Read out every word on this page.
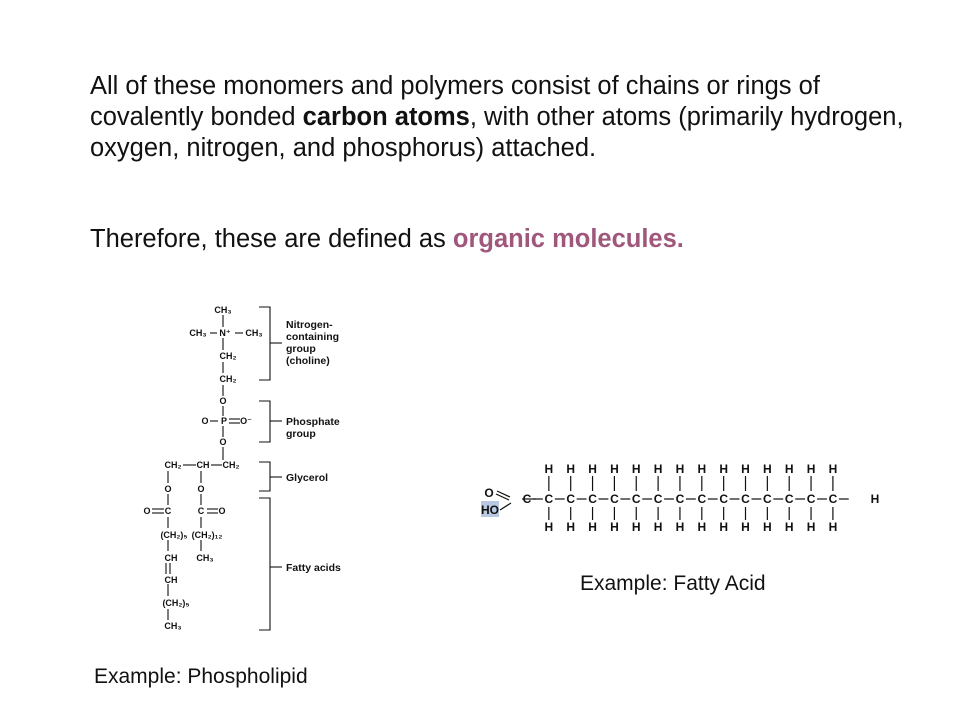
All of these monomers and polymers consist of chains or rings of covalently bonded carbon atoms, with other atoms (primarily hydrogen, oxygen, nitrogen, and phosphorus) attached.

Therefore, these are defined as organic molecules.

CH₃
CH₃ N⁺ CH₃
CH₂
CH₂
O
O P O⁻
O
CH₂ CH CH₂
O	O
O C	C O
(CH₂)₅ (CH₂)₁₂
CH CH₃
CH
(CH₂)₅
CH₃
Nitrogen-
containing
group
(choline)
Phosphate
group
Glycerol
Fatty acids
O
HO
C C
H
H
C
H
H
C
H
H
C
H
H
C
H
H
C
H
H
C
H
H
C
H
H
C
H
H
C
H
H
C
H
H
C
H
H
C
H
H
C
H
H
H
Example: Fatty Acid
Example: Phospholipid
